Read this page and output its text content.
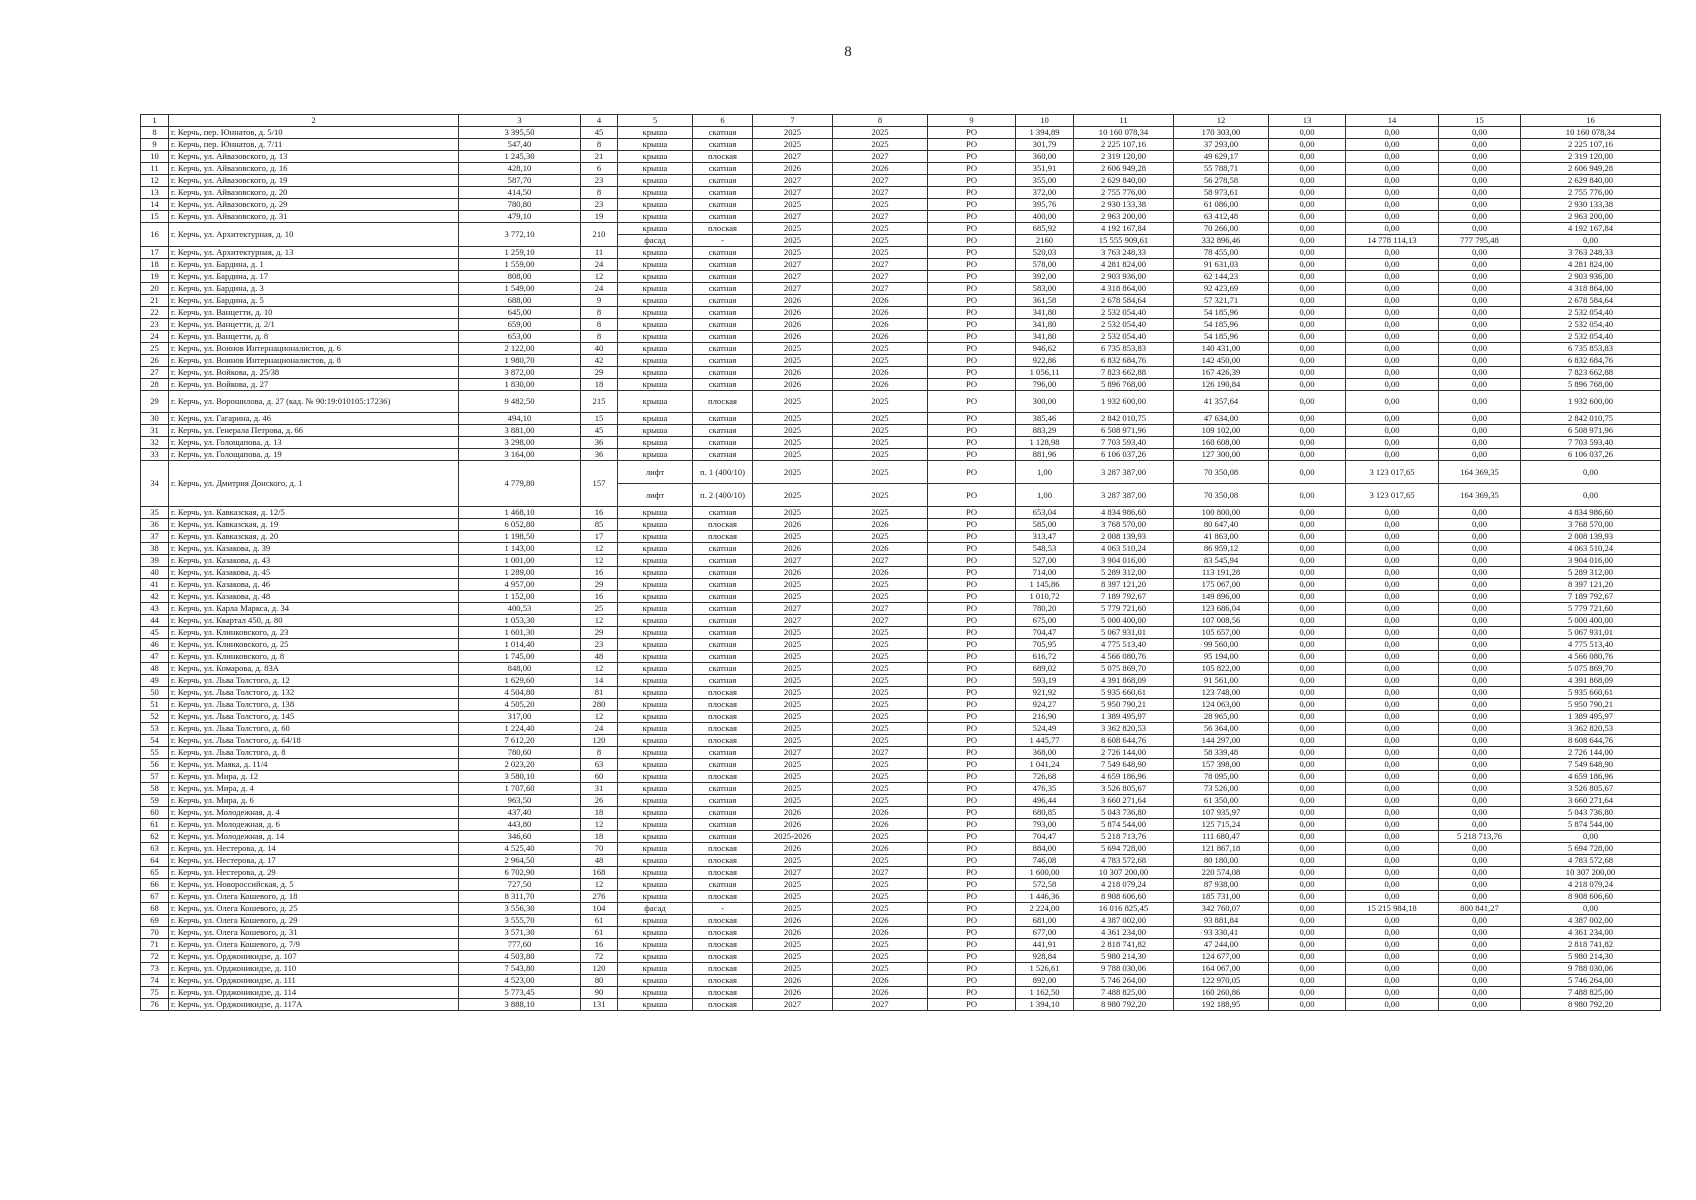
8
1	2	3	4	5	6	7	8	9	10	11	12	13	14	15	16
8	г. Керчь, пер. Юннатов, д. 5/10	3 395,50	45	крыша	скатная	2025	2025	РО	1 394,89	10 160 078,34	170 303,00	0,00	0,00	0,00	10 160 078,34
9	г. Керчь, пер. Юннатов, д. 7/11	547,40	8	крыша	скатная	2025	2025	РО	301,79	2 225 107,16	37 293,00	0,00	0,00	0,00	2 225 107,16
10	г. Керчь, ул. Айвазовского, д. 13	1 245,30	21	крыша	плоская	2027	2027	РО	360,00	2 319 120,00	49 629,17	0,00	0,00	0,00	2 319 120,00
11	г. Керчь, ул. Айвазовского, д. 16	428,10	6	крыша	скатная	2026	2026	РО	351,91	2 606 949,28	55 788,71	0,00	0,00	0,00	2 606 949,28
12	г. Керчь, ул. Айвазовского, д. 19	587,70	23	крыша	скатная	2027	2027	РО	355,00	2 629 840,00	56 278,58	0,00	0,00	0,00	2 629 840,00
13	г. Керчь, ул. Айвазовского, д. 20	414,50	8	крыша	скатная	2027	2027	РО	372,00	2 755 776,00	58 973,61	0,00	0,00	0,00	2 755 776,00
14	г. Керчь, ул. Айвазовского, д. 29	780,80	23	крыша	скатная	2025	2025	РО	395,76	2 930 133,38	61 086,00	0,00	0,00	0,00	2 930 133,38
15	г. Керчь, ул. Айвазовского, д. 31	479,10	19	крыша	скатная	2027	2027	РО	400,00	2 963 200,00	63 412,48	0,00	0,00	0,00	2 963 200,00
16	г. Керчь, ул. Архитектурная, д. 10	3 772,10	210	крыша	плоская	2025	2025	РО	685,92	4 192 167,84	70 266,00	0,00	0,00	0,00	4 192 167,84
				фасад	-	2025	2025	РО	2160	15 555 909,61	332 896,46	0,00	14 778 114,13	777 795,48	0,00
17	г. Керчь, ул. Архитектурная, д. 13	1 259,10	11	крыша	скатная	2025	2025	РО	520,03	3 763 248,33	78 455,00	0,00	0,00	0,00	3 763 248,33
18	г. Керчь, ул. Бардина, д. 1	1 559,00	24	крыша	скатная	2027	2027	РО	578,00	4 281 824,00	91 631,03	0,00	0,00	0,00	4 281 824,00
19	г. Керчь, ул. Бардина, д. 17	808,00	12	крыша	скатная	2027	2027	РО	392,00	2 903 936,00	62 144,23	0,00	0,00	0,00	2 903 936,00
20	г. Керчь, ул. Бардина, д. 3	1 549,00	24	крыша	скатная	2027	2027	РО	583,00	4 318 864,00	92 423,69	0,00	0,00	0,00	4 318 864,00
21	г. Керчь, ул. Бардина, д. 5	688,00	9	крыша	скатная	2026	2026	РО	361,58	2 678 584,64	57 321,71	0,00	0,00	0,00	2 678 584,64
22	г. Керчь, ул. Ванцетти, д. 10	645,00	8	крыша	скатная	2026	2026	РО	341,80	2 532 054,40	54 185,96	0,00	0,00	0,00	2 532 054,40
23	г. Керчь, ул. Ванцетти, д. 2/1	659,00	8	крыша	скатная	2026	2026	РО	341,80	2 532 054,40	54 185,96	0,00	0,00	0,00	2 532 054,40
24	г. Керчь, ул. Ванцетти, д. 8	653,00	8	крыша	скатная	2026	2026	РО	341,80	2 532 054,40	54 185,96	0,00	0,00	0,00	2 532 054,40
25	г. Керчь, ул. Воинов Интернационалистов, д. 6	2 122,00	40	крыша	скатная	2025	2025	РО	946,62	6 735 853,83	140 431,00	0,00	0,00	0,00	6 735 853,83
26	г. Керчь, ул. Воинов Интернационалистов, д. 8	1 980,70	42	крыша	скатная	2025	2025	РО	922,86	6 832 684,76	142 450,00	0,00	0,00	0,00	6 832 684,76
27	г. Керчь, ул. Войкова, д. 25/38	3 872,00	29	крыша	скатная	2026	2026	РО	1 056,11	7 823 662,88	167 426,39	0,00	0,00	0,00	7 823 662,88
28	г. Керчь, ул. Войкова, д. 27	1 830,00	18	крыша	скатная	2026	2026	РО	796,00	5 896 768,00	126 190,84	0,00	0,00	0,00	5 896 768,00
29	г. Керчь, ул. Ворошилова, д. 27 (кад. № 90:19:010105:17236)	9 482,50	215	крыша	плоская	2025	2025	РО	300,00	1 932 600,00	41 357,64	0,00	0,00	0,00	1 932 600,00
30	г. Керчь, ул. Гагарина, д. 46	494,10	15	крыша	скатная	2025	2025	РО	385,46	2 842 010,75	47 634,00	0,00	0,00	0,00	2 842 010,75
31	г. Керчь, ул. Генерала Петрова, д. 66	3 881,00	45	крыша	скатная	2025	2025	РО	883,29	6 508 971,96	109 102,00	0,00	0,00	0,00	6 508 971,96
32	г. Керчь, ул. Голощапова, д. 13	3 298,00	36	крыша	скатная	2025	2025	РО	1 128,98	7 703 593,40	160 608,00	0,00	0,00	0,00	7 703 593,40
33	г. Керчь, ул. Голощапова, д. 19	3 164,00	36	крыша	скатная	2025	2025	РО	881,96	6 106 037,26	127 300,00	0,00	0,00	0,00	6 106 037,26
34	г. Керчь, ул. Дмитрия Донского, д. 1	4 779,80	157	лифт	п. 1 (400/10)	2025	2025	РО	1,00	3 287 387,00	70 350,08	0,00	3 123 017,65	164 369,35	0,00
				лифт	п. 2 (400/10)	2025	2025	РО	1,00	3 287 387,00	70 350,08	0,00	3 123 017,65	164 369,35	0,00
35	г. Керчь, ул. Кавказская, д. 12/5	1 468,10	16	крыша	скатная	2025	2025	РО	653,04	4 834 986,60	100 800,00	0,00	0,00	0,00	4 834 986,60
36	г. Керчь, ул. Кавказская, д. 19	6 052,80	85	крыша	плоская	2026	2026	РО	585,00	3 768 570,00	80 647,40	0,00	0,00	0,00	3 768 570,00
37	г. Керчь, ул. Кавказская, д. 20	1 198,50	17	крыша	плоская	2025	2025	РО	313,47	2 008 139,93	41 863,00	0,00	0,00	0,00	2 008 139,93
38	г. Керчь, ул. Казакова, д. 39	1 143,00	12	крыша	скатная	2026	2026	РО	548,53	4 063 510,24	86 959,12	0,00	0,00	0,00	4 063 510,24
39	г. Керчь, ул. Казакова, д. 43	1 001,00	12	крыша	скатная	2027	2027	РО	527,00	3 904 016,00	83 545,94	0,00	0,00	0,00	3 904 016,00
40	г. Керчь, ул. Казакова, д. 45	1 289,00	16	крыша	скатная	2026	2026	РО	714,00	5 289 312,00	113 191,28	0,00	0,00	0,00	5 289 312,00
41	г. Керчь, ул. Казакова, д. 46	4 957,00	29	крыша	скатная	2025	2025	РО	1 145,86	8 397 121,20	175 067,00	0,00	0,00	0,00	8 397 121,20
42	г. Керчь, ул. Казакова, д. 48	1 152,00	16	крыша	скатная	2025	2025	РО	1 010,72	7 189 792,67	149 896,00	0,00	0,00	0,00	7 189 792,67
43	г. Керчь, ул. Карла Маркса, д. 34	400,53	25	крыша	скатная	2027	2027	РО	780,20	5 779 721,60	123 686,04	0,00	0,00	0,00	5 779 721,60
44	г. Керчь, ул. Квартал 450, д. 80	1 053,30	12	крыша	скатная	2027	2027	РО	675,00	5 000 400,00	107 008,56	0,00	0,00	0,00	5 000 400,00
45	г. Керчь, ул. Клинковского, д. 23	1 601,30	29	крыша	скатная	2025	2025	РО	704,47	5 067 931,01	105 657,00	0,00	0,00	0,00	5 067 931,01
46	г. Керчь, ул. Клинковского, д. 25	1 014,40	23	крыша	скатная	2025	2025	РО	705,95	4 775 513,40	99 560,00	0,00	0,00	0,00	4 775 513,40
47	г. Керчь, ул. Клинковского, д. 8	1 745,00	48	крыша	скатная	2025	2025	РО	616,72	4 566 080,76	95 194,00	0,00	0,00	0,00	4 566 080,76
48	г. Керчь, ул. Комарова, д. 83А	848,00	12	крыша	скатная	2025	2025	РО	689,02	5 075 869,70	105 822,00	0,00	0,00	0,00	5 075 869,70
49	г. Керчь, ул. Льва Толстого, д. 12	1 629,60	14	крыша	скатная	2025	2025	РО	593,19	4 391 868,09	91 561,00	0,00	0,00	0,00	4 391 868,09
50	г. Керчь, ул. Льва Толстого, д. 132	4 504,80	81	крыша	плоская	2025	2025	РО	921,92	5 935 660,61	123 748,00	0,00	0,00	0,00	5 935 660,61
51	г. Керчь, ул. Льва Толстого, д. 138	4 505,20	280	крыша	плоская	2025	2025	РО	924,27	5 950 790,21	124 063,00	0,00	0,00	0,00	5 950 790,21
52	г. Керчь, ул. Льва Толстого, д. 145	317,00	12	крыша	плоская	2025	2025	РО	216,90	1 389 495,97	28 965,00	0,00	0,00	0,00	1 389 495,97
53	г. Керчь, ул. Льва Толстого, д. 60	1 224,40	24	крыша	плоская	2025	2025	РО	524,49	3 362 820,53	56 364,00	0,00	0,00	0,00	3 362 820,53
54	г. Керчь, ул. Льва Толстого, д. 64/18	7 612,20	120	крыша	плоская	2025	2025	РО	1 445,77	8 608 644,76	144 297,00	0,00	0,00	0,00	8 608 644,76
55	г. Керчь, ул. Льва Толстого, д. 8	780,60	8	крыша	скатная	2027	2027	РО	368,00	2 726 144,00	58 339,48	0,00	0,00	0,00	2 726 144,00
56	г. Керчь, ул. Маяка, д. 11/4	2 023,20	63	крыша	скатная	2025	2025	РО	1 041,24	7 549 648,90	157 398,00	0,00	0,00	0,00	7 549 648,90
57	г. Керчь, ул. Мира, д. 12	3 580,10	60	крыша	плоская	2025	2025	РО	726,68	4 659 186,96	78 095,00	0,00	0,00	0,00	4 659 186,96
58	г. Керчь, ул. Мира, д. 4	1 707,60	31	крыша	скатная	2025	2025	РО	476,35	3 526 805,67	73 526,00	0,00	0,00	0,00	3 526 805,67
59	г. Керчь, ул. Мира, д. 6	963,50	26	крыша	скатная	2025	2025	РО	496,44	3 660 271,64	61 350,00	0,00	0,00	0,00	3 660 271,64
60	г. Керчь, ул. Молодежная, д. 4	437,40	18	крыша	скатная	2026	2026	РО	680,85	5 043 736,80	107 935,97	0,00	0,00	0,00	5 043 736,80
61	г. Керчь, ул. Молодежная, д. 6	443,80	12	крыша	скатная	2026	2026	РО	793,00	5 874 544,00	125 715,24	0,00	0,00	0,00	5 874 544,00
62	г. Керчь, ул. Молодежная, д. 14	346,60	18	крыша	скатная	2025-2026	2025	РО	704,47	5 218 713,76	111 680,47	0,00	0,00	5 218 713,76	0,00
63	г. Керчь, ул. Нестерова, д. 14	4 525,40	70	крыша	плоская	2026	2026	РО	884,00	5 694 728,00	121 867,18	0,00	0,00	0,00	5 694 728,00
64	г. Керчь, ул. Нестерова, д. 17	2 964,50	48	крыша	плоская	2025	2025	РО	746,08	4 783 572,68	80 180,00	0,00	0,00	0,00	4 783 572,68
65	г. Керчь, ул. Нестерова, д. 29	6 702,90	168	крыша	плоская	2027	2027	РО	1 600,00	10 307 200,00	220 574,08	0,00	0,00	0,00	10 307 200,00
66	г. Керчь, ул. Новороссийская, д. 5	727,50	12	крыша	скатная	2025	2025	РО	572,58	4 218 079,24	87 938,00	0,00	0,00	0,00	4 218 079,24
67	г. Керчь, ул. Олега Кошевого, д. 18	8 311,70	276	крыша	плоская	2025	2025	РО	1 446,36	8 908 606,60	185 731,00	0,00	0,00	0,00	8 908 606,60
68	г. Керчь, ул. Олега Кошевого, д. 25	3 556,30	104	фасад	-	2025	2025	РО	2 224,00	16 016 825,45	342 760,07	0,00	15 215 984,18	800 841,27	0,00
69	г. Керчь, ул. Олега Кошевого, д. 29	3 555,70	61	крыша	плоская	2026	2026	РО	681,00	4 387 002,00	93 881,84	0,00	0,00	0,00	4 387 002,00
70	г. Керчь, ул. Олега Кошевого, д. 31	3 571,30	61	крыша	плоская	2026	2026	РО	677,00	4 361 234,00	93 330,41	0,00	0,00	0,00	4 361 234,00
71	г. Керчь, ул. Олега Кошевого, д. 7/9	777,60	16	крыша	плоская	2025	2025	РО	441,91	2 818 741,82	47 244,00	0,00	0,00	0,00	2 818 741,82
72	г. Керчь, ул. Орджоникидзе, д. 107	4 503,80	72	крыша	плоская	2025	2025	РО	928,84	5 980 214,30	124 677,00	0,00	0,00	0,00	5 980 214,30
73	г. Керчь, ул. Орджоникидзе, д. 110	7 543,80	120	крыша	плоская	2025	2025	РО	1 526,61	9 788 030,06	164 067,00	0,00	0,00	0,00	9 788 030,06
74	г. Керчь, ул. Орджоникидзе, д. 111	4 523,00	80	крыша	плоская	2026	2026	РО	892,00	5 746 264,00	122 970,05	0,00	0,00	0,00	5 746 264,00
75	г. Керчь, ул. Орджоникидзе, д. 114	5 773,45	90	крыша	плоская	2026	2026	РО	1 162,50	7 488 825,00	160 260,86	0,00	0,00	0,00	7 488 825,00
76	г. Керчь, ул. Орджоникидзе, д. 117А	3 888,10	131	крыша	плоская	2027	2027	РО	1 394,10	8 980 792,20	192 188,95	0,00	0,00	0,00	8 980 792,20
